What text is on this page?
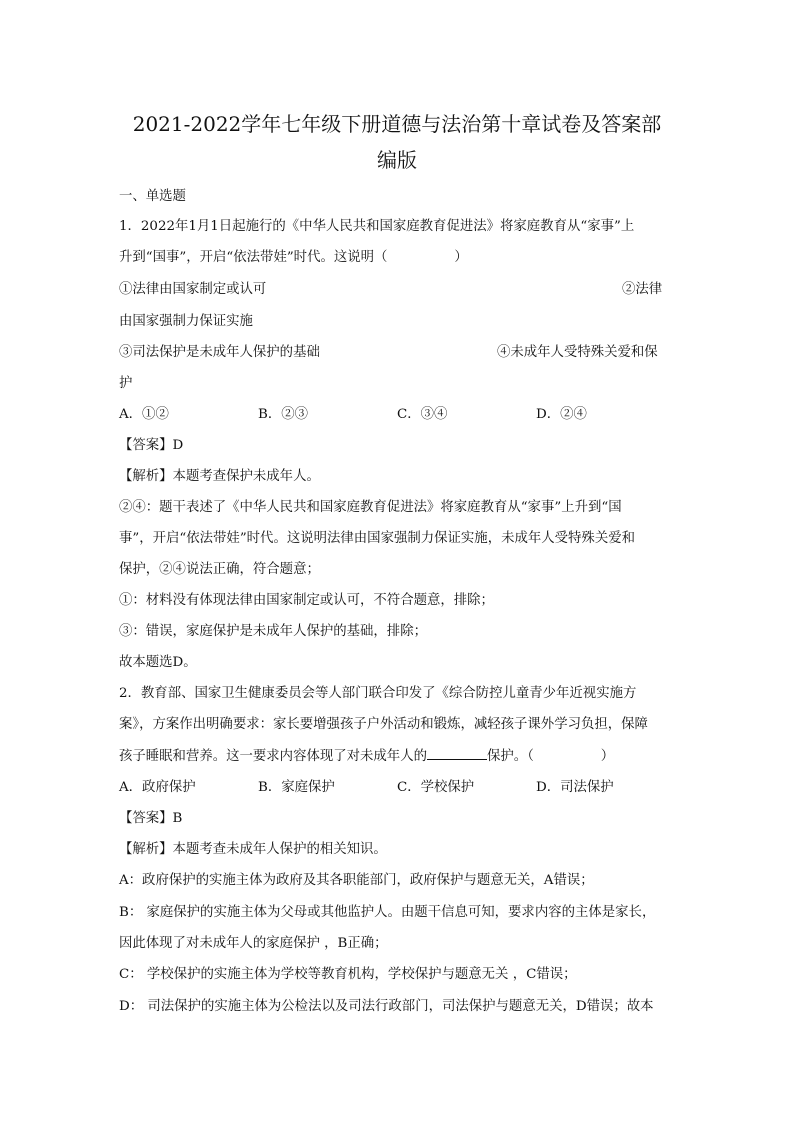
2021-2022学年七年级下册道德与法治第十章试卷及答案部
编版
一、单选题
1．2022年1月1日起施行的《中华人民共和国家庭教育促进法》将家庭教育从“家事”上
升到“国事”，开启“依法带娃”时代。这说明（　　　　　）
①法律由国家制定或认可	②法律
由国家强制力保证实施
③司法保护是未成年人保护的基础	④未成年人受特殊关爱和保
护
A．①②	B．②③	C．③④	D．②④
【答案】D
【解析】本题考查保护未成年人。
②④：题干表述了《中华人民共和国家庭教育促进法》将家庭教育从“家事”上升到“国
事”，开启“依法带娃”时代。这说明法律由国家强制力保证实施，未成年人受特殊关爱和
保护，②④说法正确，符合题意；
①：材料没有体现法律由国家制定或认可，不符合题意，排除；
③：错误，家庭保护是未成年人保护的基础，排除；
故本题选D。
2．教育部、国家卫生健康委员会等人部门联合印发了《综合防控儿童青少年近视实施方
案》，方案作出明确要求：家长要增强孩子户外活动和锻炼，减轻孩子课外学习负担，保障
孩子睡眠和营养。这一要求内容体现了对未成年人的	保护。（　　　　　）
A．政府保护	B．家庭保护	C．学校保护	D．司法保护
【答案】B
【解析】本题考查未成年人保护的相关知识。
A：政府保护的实施主体为政府及其各职能部门，政府保护与题意无关，A错误；
B： 家庭保护的实施主体为父母或其他监护人。由题干信息可知，要求内容的主体是家长，
因此体现了对未成年人的家庭保护 ，B正确；
C： 学校保护的实施主体为学校等教育机构，学校保护与题意无关 ，C错误；
D： 司法保护的实施主体为公检法以及司法行政部门，司法保护与题意无关，D错误；故本
